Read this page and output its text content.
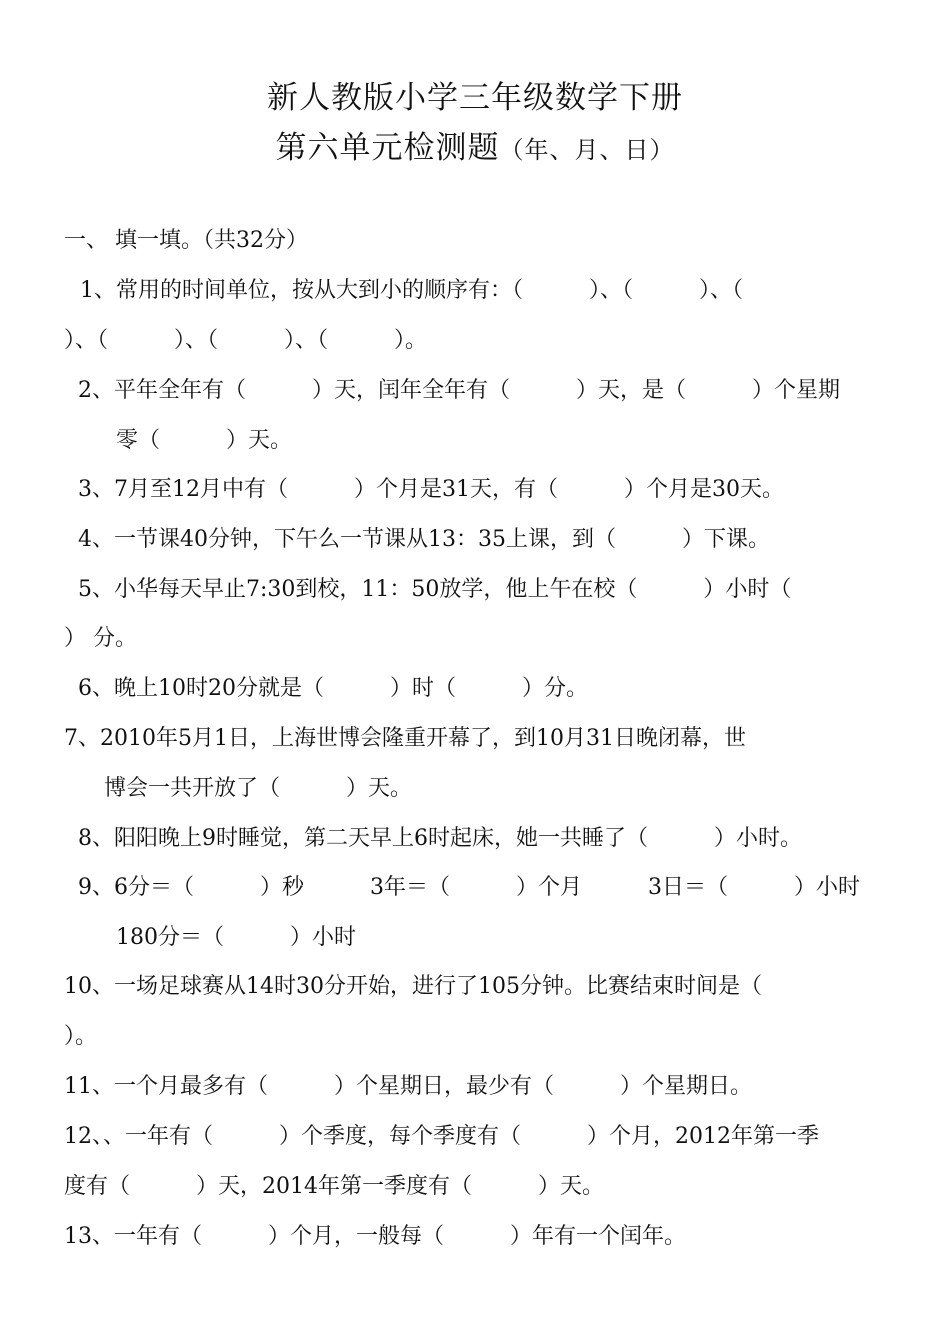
新人教版小学三年级数学下册
第六单元检测题（年、月、日）
一、 填一填。（共32分）
1、常用的时间单位，按从大到小的顺序有：（　　　）、（　　　）、（
）、（　　　）、（　　　）、（　　　）。
2、平年全年有（　　　）天，闰年全年有（　　　）天，是（　　　）个星期
零（　　　）天。
3、7月至12月中有（　　　）个月是31天，有（　　　）个月是30天。
4、一节课40分钟，下午么一节课从13：35上课，到（　　　）下课。
5、小华每天早止7:30到校，11：50放学，他上午在校（　　　）小时（
） 分。
6、晚上10时20分就是（　　　）时（　　　）分。
7、2010年5月1日，上海世博会隆重开幕了，到10月31日晚闭幕，世
博会一共开放了（　　　）天。
8、阳阳晚上9时睡觉，第二天早上6时起床，她一共睡了（　　　）小时。
9、6分＝（　　　）秒　　　3年＝（　　　）个月　　　3日＝（　　　）小时
180分＝（　　　）小时
10、一场足球赛从14时30分开始，进行了105分钟。比赛结束时间是（
）。
11、一个月最多有（　　　）个星期日，最少有（　　　）个星期日。
12、、一年有（　　　）个季度，每个季度有（　　　）个月，2012年第一季
度有（　　　）天，2014年第一季度有（　　　）天。
13、一年有（　　　）个月，一般每（　　　）年有一个闰年。
